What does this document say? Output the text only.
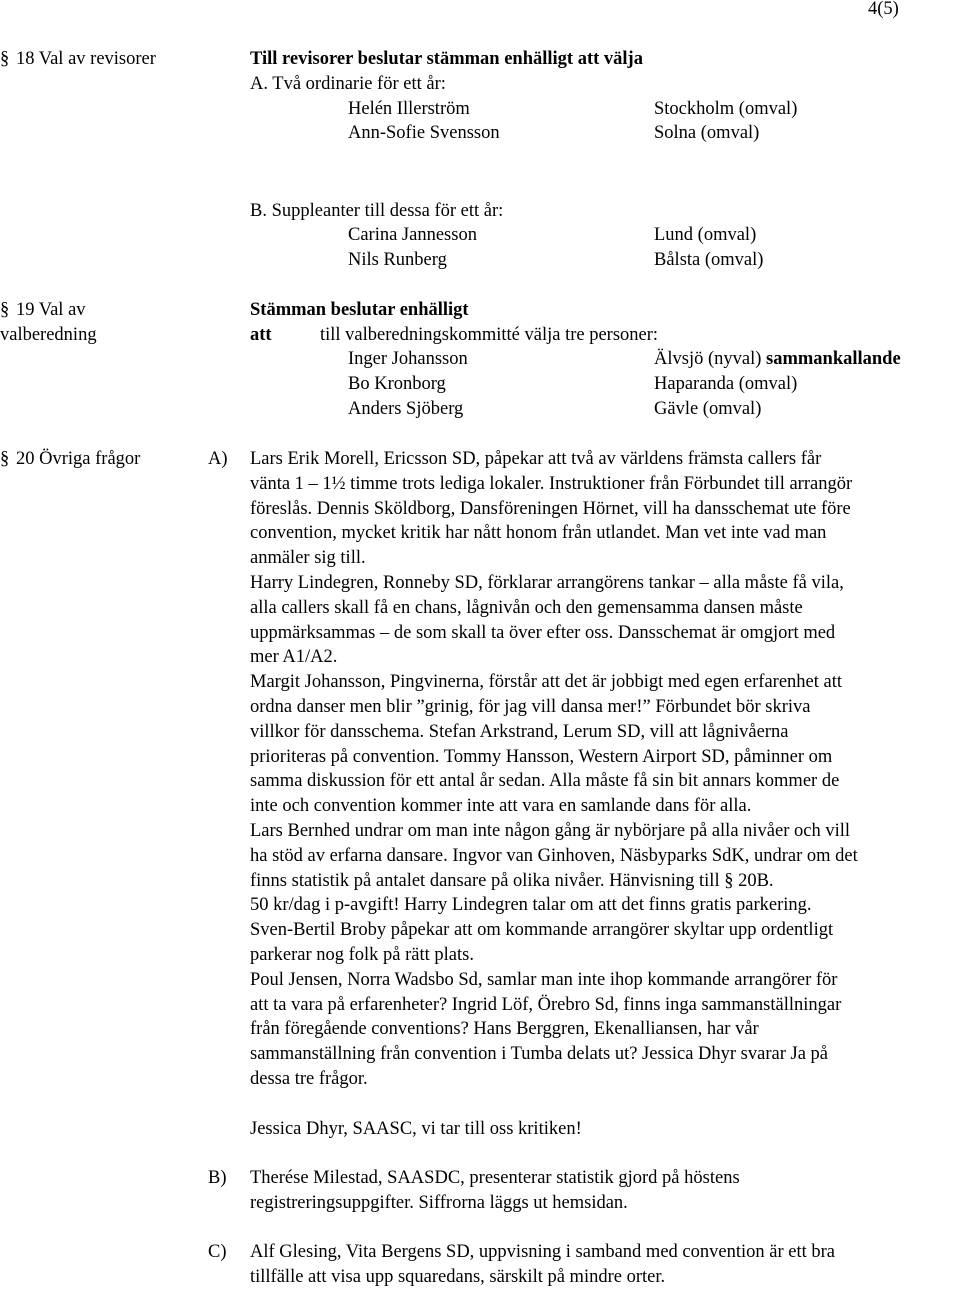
4(5)
§ 18 Val av revisorer	Till revisorer beslutar stämman enhälligt att välja
A. Två ordinarie för ett år:
Helén Illerström	Stockholm (omval)
Ann-Sofie Svensson	Solna (omval)
B. Suppleanter till dessa för ett år:
Carina Jannesson	Lund (omval)
Nils Runberg	Bålsta (omval)
§ 19 Val av
valberedning
Stämman beslutar enhälligt
att	till valberedningskommitté välja tre personer:
Inger Johansson	Älvsjö (nyval) sammankallande
Bo Kronborg	Haparanda (omval)
Anders Sjöberg	Gävle (omval)
§ 20 Övriga frågor	A) Lars Erik Morell, Ericsson SD, påpekar att två av världens främsta callers får

vänta 1 – 1½ timme trots lediga lokaler. Instruktioner från Förbundet till arrangör

föreslås. Dennis Sköldborg, Dansföreningen Hörnet, vill ha dansschemat ute före

convention, mycket kritik har nått honom från utlandet. Man vet inte vad man

anmäler sig till.

Harry Lindegren, Ronneby SD, förklarar arrangörens tankar – alla måste få vila,

alla callers skall få en chans, lågnivån och den gemensamma dansen måste

uppmärksammas – de som skall ta över efter oss. Dansschemat är omgjort med

mer A1/A2.

Margit Johansson, Pingvinerna, förstår att det är jobbigt med egen erfarenhet att

ordna danser men blir ”grinig, för jag vill dansa mer!” Förbundet bör skriva

villkor för dansschema. Stefan Arkstrand, Lerum SD, vill att lågnivåerna

prioriteras på convention. Tommy Hansson, Western Airport SD, påminner om

samma diskussion för ett antal år sedan. Alla måste få sin bit annars kommer de

inte och convention kommer inte att vara en samlande dans för alla.

Lars Bernhed undrar om man inte någon gång är nybörjare på alla nivåer och vill

ha stöd av erfarna dansare. Ingvor van Ginhoven, Näsbyparks SdK, undrar om det

finns statistik på antalet dansare på olika nivåer. Hänvisning till § 20B.

50 kr/dag i p-avgift! Harry Lindegren talar om att det finns gratis parkering.

Sven-Bertil Broby påpekar att om kommande arrangörer skyltar upp ordentligt

parkerar nog folk på rätt plats.

Poul Jensen, Norra Wadsbo Sd, samlar man inte ihop kommande arrangörer för

att ta vara på erfarenheter? Ingrid Löf, Örebro Sd, finns inga sammanställningar

från föregående conventions? Hans Berggren, Ekenalliansen, har vår

sammanställning från convention i Tumba delats ut? Jessica Dhyr svarar Ja på

dessa tre frågor.

Jessica Dhyr, SAASC, vi tar till oss kritiken!

B) Therése Milestad, SAASDC, presenterar statistik gjord på höstens

registreringsuppgifter. Siffrorna läggs ut hemsidan.

C) Alf Glesing, Vita Bergens SD, uppvisning i samband med convention är ett bra

tillfälle att visa upp squaredans, särskilt på mindre orter.
